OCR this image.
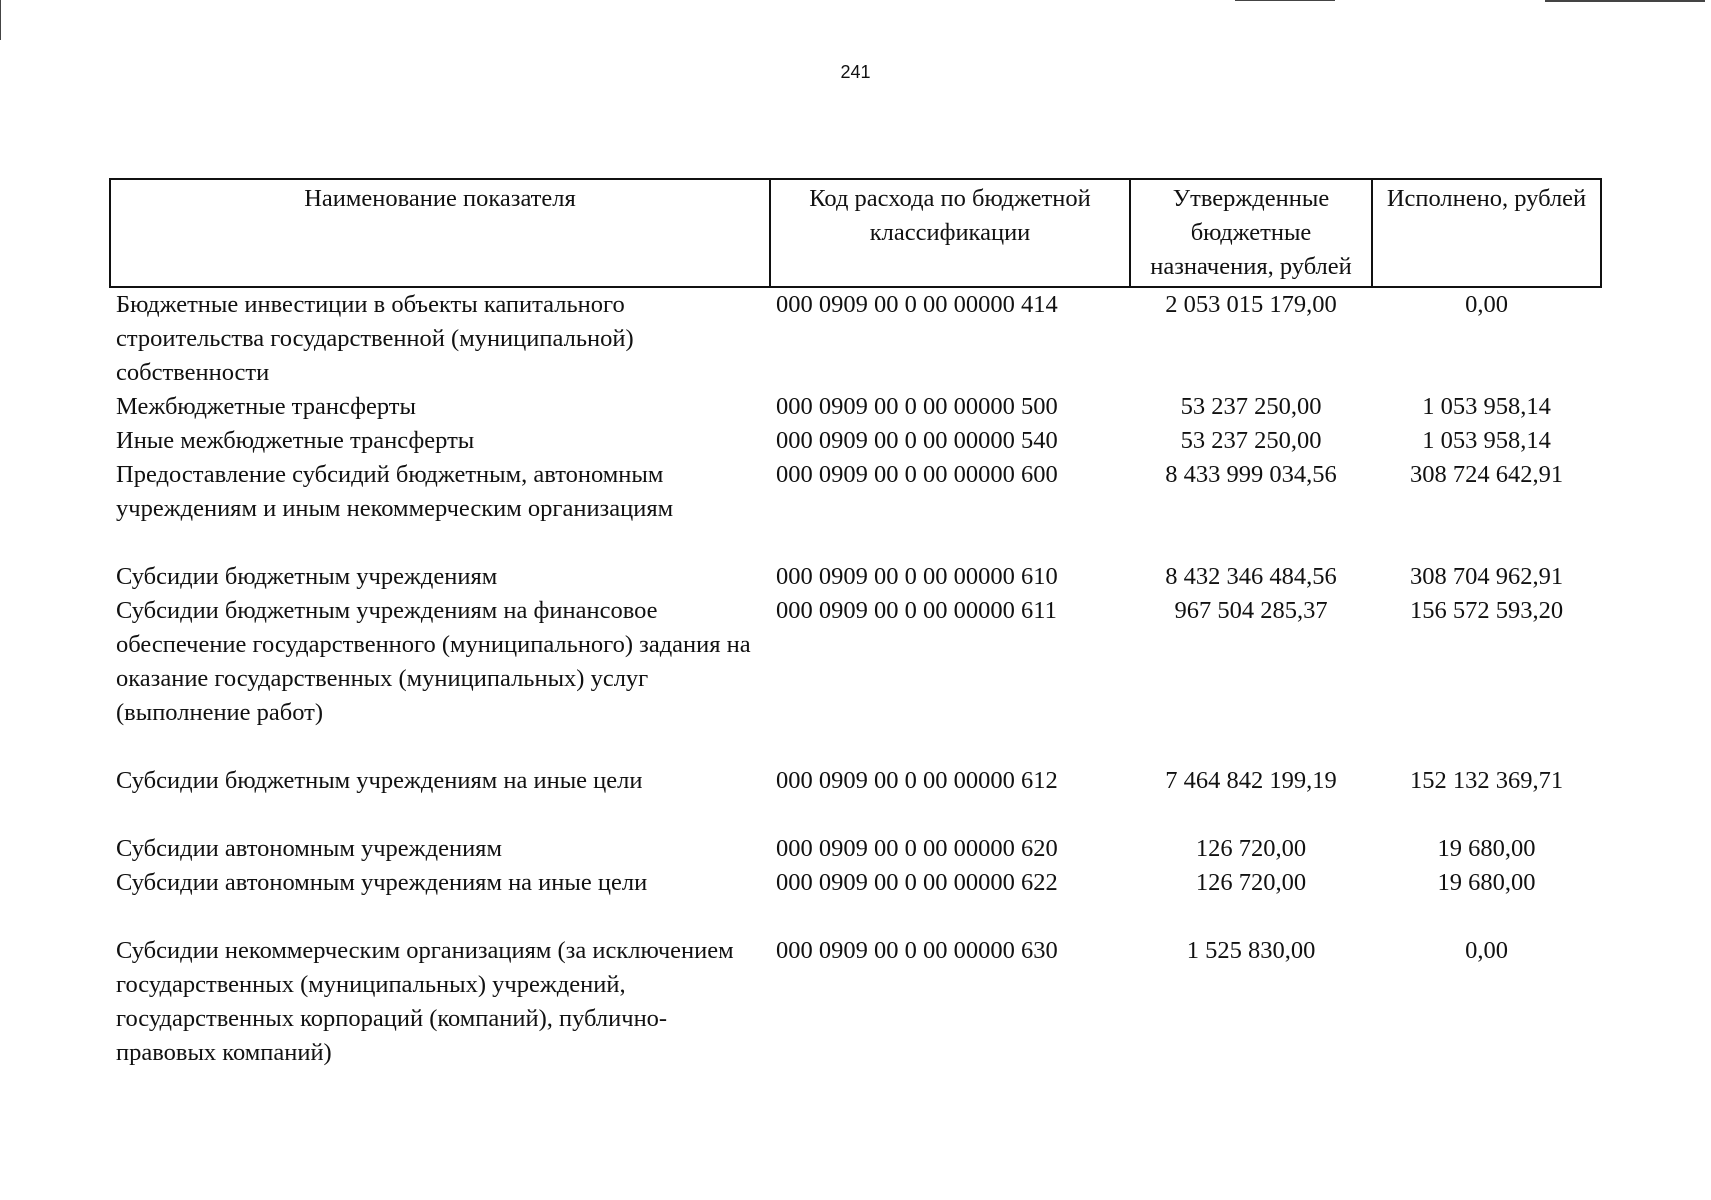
241
Наименование показателя	Код расхода по бюджетной классификации	Утвержденные бюджетные назначения, рублей	Исполнено, рублей
Бюджетные инвестиции в объекты капитального строительства государственной (муниципальной) собственности	000 0909 00 0 00 00000 414	2 053 015 179,00	0,00
Межбюджетные трансферты	000 0909 00 0 00 00000 500	53 237 250,00	1 053 958,14
Иные межбюджетные трансферты	000 0909 00 0 00 00000 540	53 237 250,00	1 053 958,14
Предоставление субсидий бюджетным, автономным учреждениям и иным некоммерческим организациям	000 0909 00 0 00 00000 600	8 433 999 034,56	308 724 642,91
Субсидии бюджетным учреждениям	000 0909 00 0 00 00000 610	8 432 346 484,56	308 704 962,91
Субсидии бюджетным учреждениям на финансовое обеспечение государственного (муниципального) задания на оказание государственных (муниципальных) услуг (выполнение работ)	000 0909 00 0 00 00000 611	967 504 285,37	156 572 593,20
Субсидии бюджетным учреждениям на иные цели	000 0909 00 0 00 00000 612	7 464 842 199,19	152 132 369,71
Субсидии автономным учреждениям	000 0909 00 0 00 00000 620	126 720,00	19 680,00
Субсидии автономным учреждениям на иные цели	000 0909 00 0 00 00000 622	126 720,00	19 680,00
Субсидии некоммерческим организациям (за исключением государственных (муниципальных) учреждений, государственных корпораций (компаний), публично-правовых компаний)	000 0909 00 0 00 00000 630	1 525 830,00	0,00
